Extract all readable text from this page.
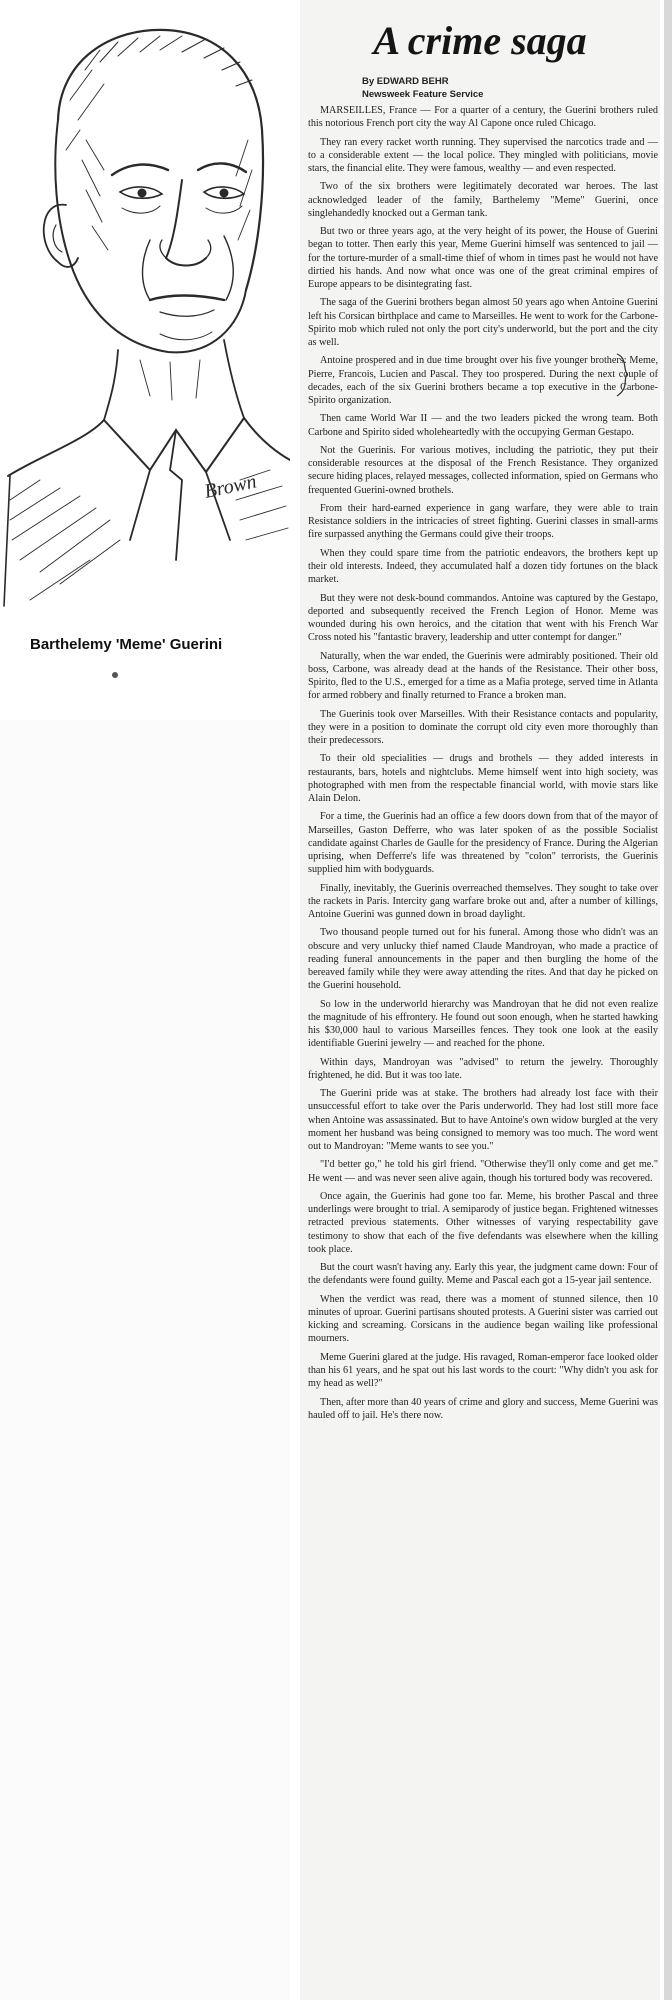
Brown
Barthelemy 'Meme' Guerini
A crime saga
By EDWARD BEHR
Newsweek Feature Service

MARSEILLES, France — For a quarter of a century, the Guerini brothers ruled this notorious French port city the way Al Capone once ruled Chicago.

They ran every racket worth running. They supervised the narcotics trade and — to a considerable extent — the local police. They mingled with politicians, movie stars, the financial elite. They were famous, wealthy — and even respected.

Two of the six brothers were legitimately decorated war heroes. The last acknowledged leader of the family, Barthelemy "Meme" Guerini, once singlehandedly knocked out a German tank.

But two or three years ago, at the very height of its power, the House of Guerini began to totter. Then early this year, Meme Guerini himself was sentenced to jail — for the torture-murder of a small-time thief of whom in times past he would not have dirtied his hands. And now what once was one of the great criminal empires of Europe appears to be disintegrating fast.

The saga of the Guerini brothers began almost 50 years ago when Antoine Guerini left his Corsican birthplace and came to Marseilles. He went to work for the Carbone-Spirito mob which ruled not only the port city's underworld, but the port and the city as well.

Antoine prospered and in due time brought over his five younger brothers: Meme, Pierre, Francois, Lucien and Pascal. They too prospered. During the next couple of decades, each of the six Guerini brothers became a top executive in the Carbone-Spirito organization.

Then came World War II — and the two leaders picked the wrong team. Both Carbone and Spirito sided wholeheartedly with the occupying German Gestapo.

Not the Guerinis. For various motives, including the patriotic, they put their considerable resources at the disposal of the French Resistance. They organized secure hiding places, relayed messages, collected information, spied on Germans who frequented Guerini-owned brothels.

From their hard-earned experience in gang warfare, they were able to train Resistance soldiers in the intricacies of street fighting. Guerini classes in small-arms fire surpassed anything the Germans could give their troops.

When they could spare time from the patriotic endeavors, the brothers kept up their old interests. Indeed, they accumulated half a dozen tidy fortunes on the black market.

But they were not desk-bound commandos. Antoine was captured by the Gestapo, deported and subsequently received the French Legion of Honor. Meme was wounded during his own heroics, and the citation that went with his French War Cross noted his "fantastic bravery, leadership and utter contempt for danger."

Naturally, when the war ended, the Guerinis were admirably positioned. Their old boss, Carbone, was already dead at the hands of the Resistance. Their other boss, Spirito, fled to the U.S., emerged for a time as a Mafia protege, served time in Atlanta for armed robbery and finally returned to France a broken man.

The Guerinis took over Marseilles. With their Resistance contacts and popularity, they were in a position to dominate the corrupt old city even more thoroughly than their predecessors.

To their old specialities — drugs and brothels — they added interests in restaurants, bars, hotels and nightclubs. Meme himself went into high society, was photographed with men from the respectable financial world, with movie stars like Alain Delon.

For a time, the Guerinis had an office a few doors down from that of the mayor of Marseilles, Gaston Defferre, who was later spoken of as the possible Socialist candidate against Charles de Gaulle for the presidency of France. During the Algerian uprising, when Defferre's life was threatened by "colon" terrorists, the Guerinis supplied him with bodyguards.

Finally, inevitably, the Guerinis overreached themselves. They sought to take over the rackets in Paris. Intercity gang warfare broke out and, after a number of killings, Antoine Guerini was gunned down in broad daylight.

Two thousand people turned out for his funeral. Among those who didn't was an obscure and very unlucky thief named Claude Mandroyan, who made a practice of reading funeral announcements in the paper and then burgling the home of the bereaved family while they were away attending the rites. And that day he picked on the Guerini household.

So low in the underworld hierarchy was Mandroyan that he did not even realize the magnitude of his effrontery. He found out soon enough, when he started hawking his $30,000 haul to various Marseilles fences. They took one look at the easily identifiable Guerini jewelry — and reached for the phone.

Within days, Mandroyan was "advised" to return the jewelry. Thoroughly frightened, he did. But it was too late.

The Guerini pride was at stake. The brothers had already lost face with their unsuccessful effort to take over the Paris underworld. They had lost still more face when Antoine was assassinated. But to have Antoine's own widow burgled at the very moment her husband was being consigned to memory was too much. The word went out to Mandroyan: "Meme wants to see you."

"I'd better go," he told his girl friend. "Otherwise they'll only come and get me." He went — and was never seen alive again, though his tortured body was recovered.

Once again, the Guerinis had gone too far. Meme, his brother Pascal and three underlings were brought to trial. A semiparody of justice began. Frightened witnesses retracted previous statements. Other witnesses of varying respectability gave testimony to show that each of the five defendants was elsewhere when the killing took place.

But the court wasn't having any. Early this year, the judgment came down: Four of the defendants were found guilty. Meme and Pascal each got a 15-year jail sentence.

When the verdict was read, there was a moment of stunned silence, then 10 minutes of uproar. Guerini partisans shouted protests. A Guerini sister was carried out kicking and screaming. Corsicans in the audience began wailing like professional mourners.

Meme Guerini glared at the judge. His ravaged, Roman-emperor face looked older than his 61 years, and he spat out his last words to the court: "Why didn't you ask for my head as well?"

Then, after more than 40 years of crime and glory and success, Meme Guerini was hauled off to jail. He's there now.
